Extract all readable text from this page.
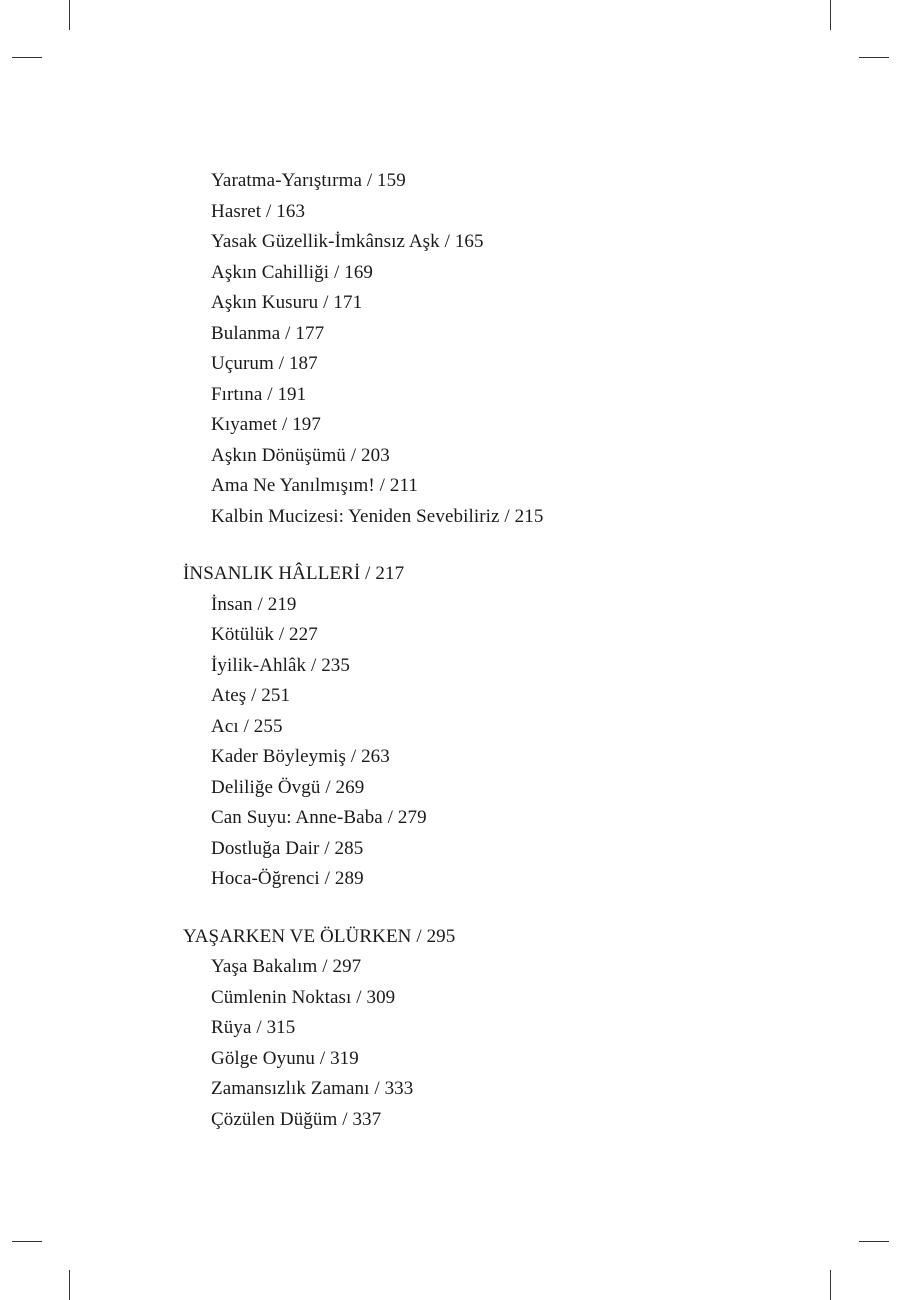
Yaratma-Yarıştırma / 159
Hasret / 163
Yasak Güzellik-İmkânsız Aşk / 165
Aşkın Cahilliği / 169
Aşkın Kusuru / 171
Bulanma / 177
Uçurum / 187
Fırtına / 191
Kıyamet / 197
Aşkın Dönüşümü / 203
Ama Ne Yanılmışım! / 211
Kalbin Mucizesi: Yeniden Sevebiliriz / 215
İNSANLIK HÂLLERİ / 217
İnsan / 219
Kötülük / 227
İyilik-Ahlâk / 235
Ateş / 251
Acı / 255
Kader Böyleymiş / 263
Deliliğe Övgü / 269
Can Suyu: Anne-Baba / 279
Dostluğa Dair / 285
Hoca-Öğrenci / 289
YAŞARKEN VE ÖLÜRKEN / 295
Yaşa Bakalım / 297
Cümlenin Noktası / 309
Rüya / 315
Gölge Oyunu / 319
Zamansızlık Zamanı / 333
Çözülen Düğüm / 337
